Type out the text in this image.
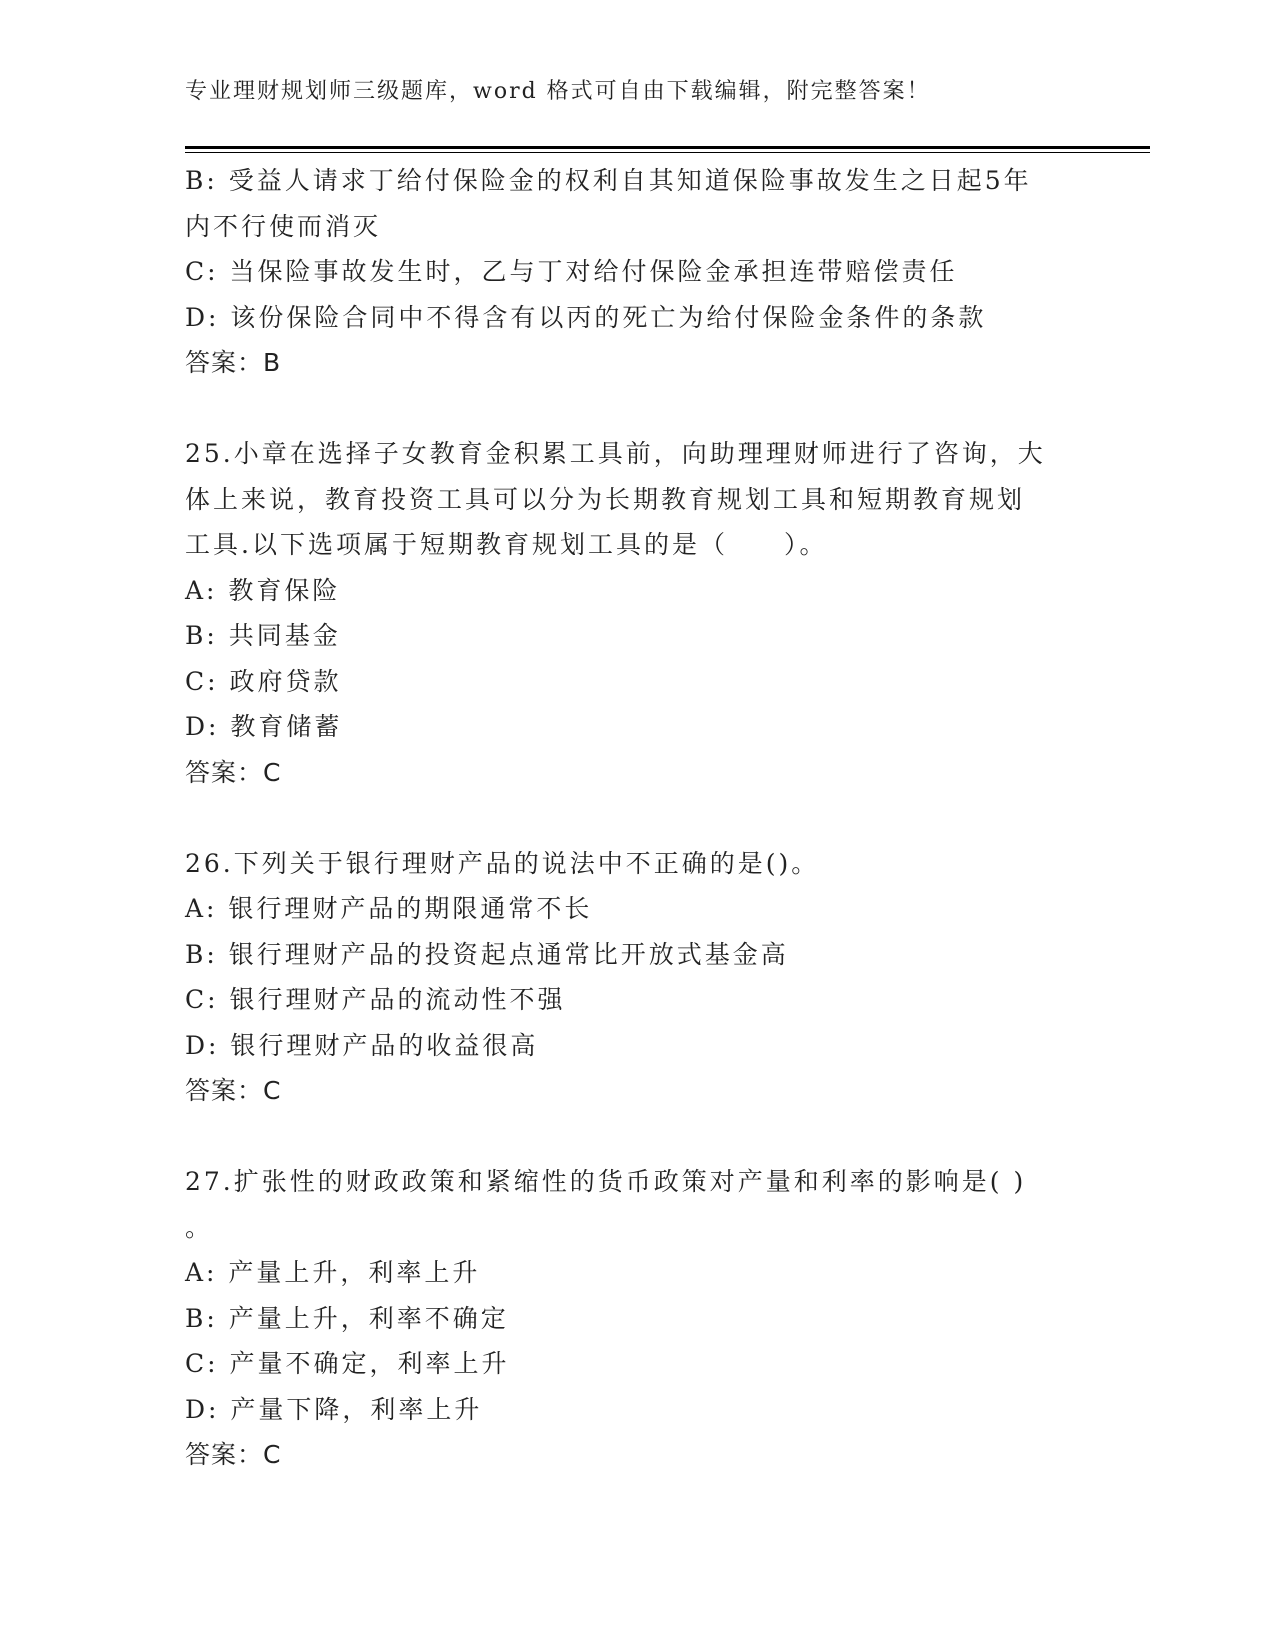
专业理财规划师三级题库，word 格式可自由下载编辑，附完整答案！
B: 受益人请求丁给付保险金的权利自其知道保险事故发生之日起5年
内不行使而消灭
C: 当保险事故发生时，乙与丁对给付保险金承担连带赔偿责任
D: 该份保险合同中不得含有以丙的死亡为给付保险金条件的条款
答案：B
25.小章在选择子女教育金积累工具前，向助理理财师进行了咨询，大
体上来说，教育投资工具可以分为长期教育规划工具和短期教育规划
工具.以下选项属于短期教育规划工具的是（　　）。
A: 教育保险
B: 共同基金
C: 政府贷款
D: 教育储蓄
答案：C
26.下列关于银行理财产品的说法中不正确的是()。
A: 银行理财产品的期限通常不长
B: 银行理财产品的投资起点通常比开放式基金高
C: 银行理财产品的流动性不强
D: 银行理财产品的收益很高
答案：C
27.扩张性的财政政策和紧缩性的货币政策对产量和利率的影响是( )
。
A: 产量上升，利率上升
B: 产量上升，利率不确定
C: 产量不确定，利率上升
D: 产量下降，利率上升
答案：C
